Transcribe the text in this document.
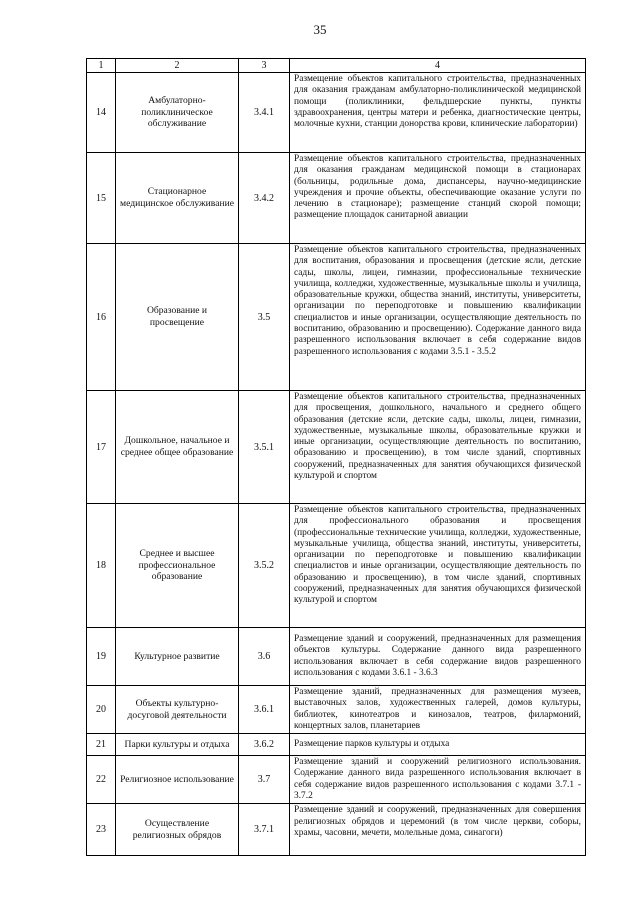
35
1	2	3	4
14	Амбулаторно-поликлиническое обслуживание	3.4.1	Размещение объектов капитального строительства, предназначенных для оказания гражданам амбулаторно-поликлинической медицинской помощи (поликлиники, фельдшерские пункты, пункты здравоохранения, центры матери и ребенка, диагностические центры, молочные кухни, станции донорства крови, клинические лаборатории)
15	Стационарное медицинское обслуживание	3.4.2	Размещение объектов капитального строительства, предназначенных для оказания гражданам медицинской помощи в стационарах (больницы, родильные дома, диспансеры, научно-медицинские учреждения и прочие объекты, обеспечивающие оказание услуги по лечению в стационаре); размещение станций скорой помощи; размещение площадок санитарной авиации
16	Образование и просвещение	3.5	Размещение объектов капитального строительства, предназначенных для воспитания, образования и просвещения (детские ясли, детские сады, школы, лицеи, гимназии, профессиональные технические училища, колледжи, художественные, музыкальные школы и училища, образовательные кружки, общества знаний, институты, университеты, организации по переподготовке и повышению квалификации специалистов и иные организации, осуществляющие деятельность по воспитанию, образованию и просвещению). Содержание данного вида разрешенного использования включает в себя содержание видов разрешенного использования с кодами 3.5.1 - 3.5.2
17	Дошкольное, начальное и среднее общее образование	3.5.1	Размещение объектов капитального строительства, предназначенных для просвещения, дошкольного, начального и среднего общего образования (детские ясли, детские сады, школы, лицеи, гимназии, художественные, музыкальные школы, образовательные кружки и иные организации, осуществляющие деятельность по воспитанию, образованию и просвещению), в том числе зданий, спортивных сооружений, предназначенных для занятия обучающихся физической культурой и спортом
18	Среднее и высшее профессиональное образование	3.5.2	Размещение объектов капитального строительства, предназначенных для профессионального образования и просвещения (профессиональные технические училища, колледжи, художественные, музыкальные училища, общества знаний, институты, университеты, организации по переподготовке и повышению квалификации специалистов и иные организации, осуществляющие деятельность по образованию и просвещению), в том числе зданий, спортивных сооружений, предназначенных для занятия обучающихся физической культурой и спортом
19	Культурное развитие	3.6	Размещение зданий и сооружений, предназначенных для размещения объектов культуры. Содержание данного вида разрешенного использования включает в себя содержание видов разрешенного использования с кодами 3.6.1 - 3.6.3
20	Объекты культурно-досуговой деятельности	3.6.1	Размещение зданий, предназначенных для размещения музеев, выставочных залов, художественных галерей, домов культуры, библиотек, кинотеатров и кинозалов, театров, филармоний, концертных залов, планетариев
21	Парки культуры и отдыха	3.6.2	Размещение парков культуры и отдыха
22	Религиозное использование	3.7	Размещение зданий и сооружений религиозного использования. Содержание данного вида разрешенного использования включает в себя содержание видов разрешенного использования с кодами 3.7.1 - 3.7.2
23	Осуществление религиозных обрядов	3.7.1	Размещение зданий и сооружений, предназначенных для совершения религиозных обрядов и церемоний (в том числе церкви, соборы, храмы, часовни, мечети, молельные дома, синагоги)
